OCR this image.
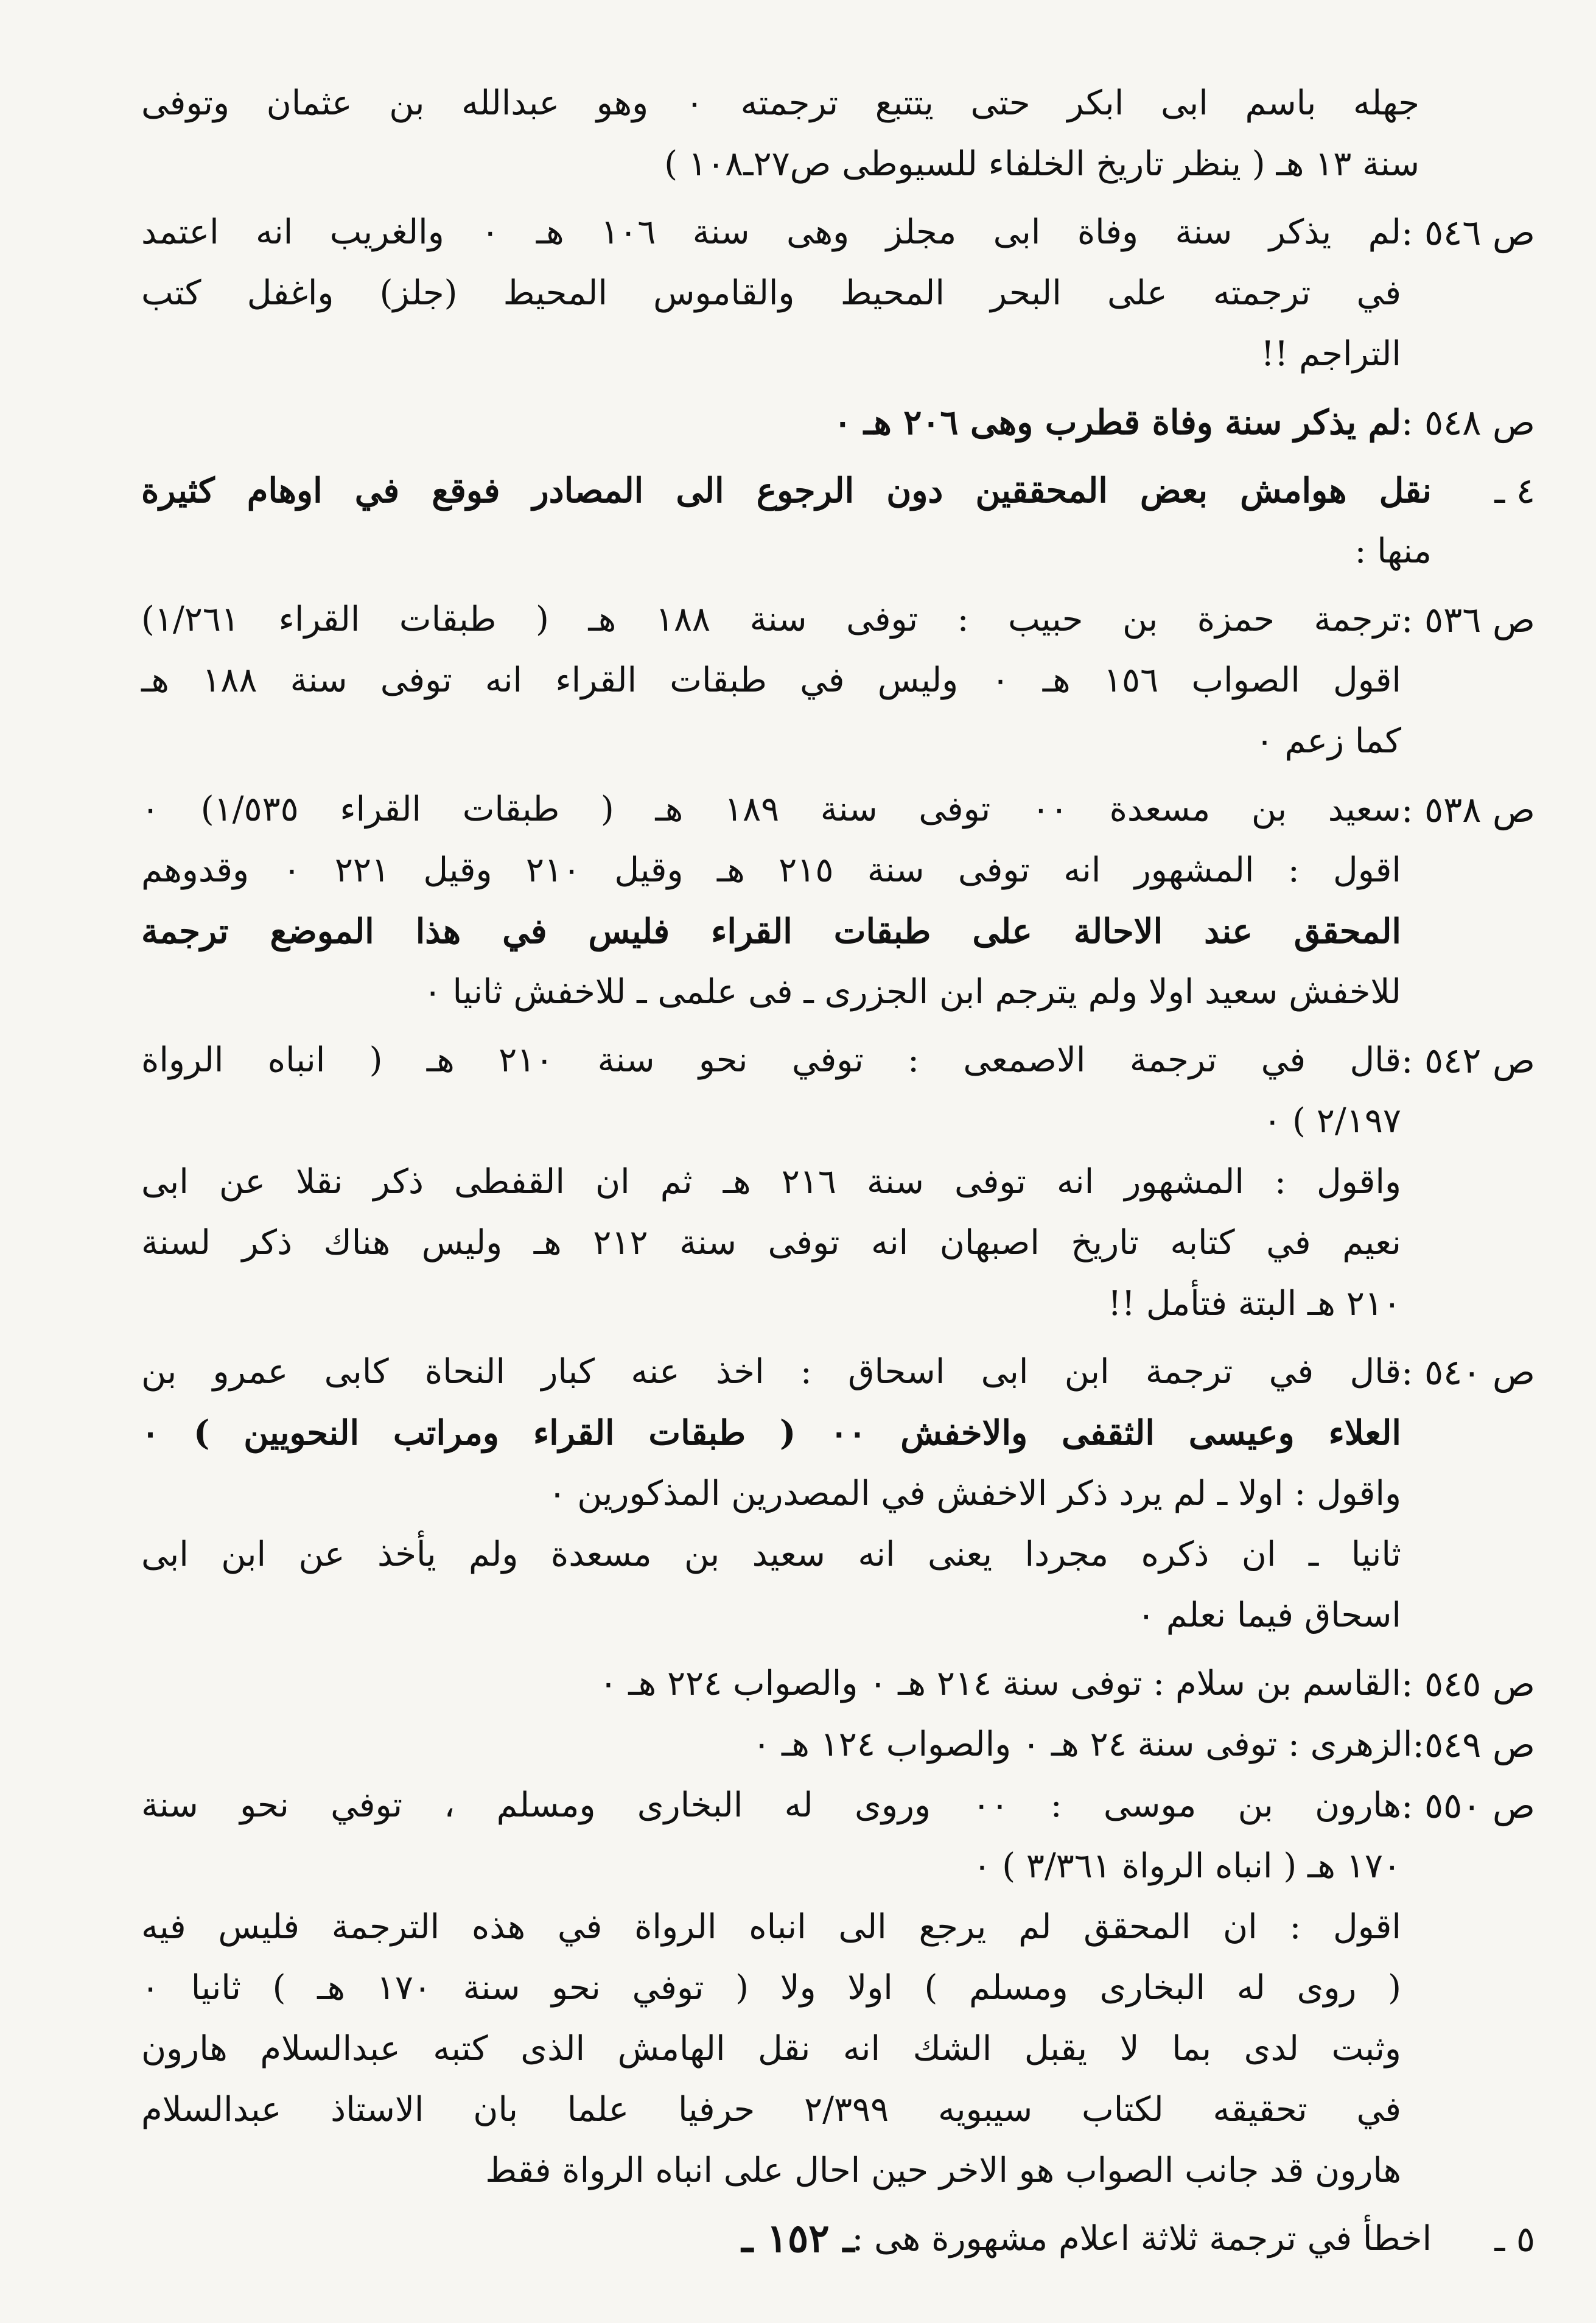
جهله باسم ابى ابكر حتى يتتبع ترجمته ٠ وهو عبدالله بن عثمان وتوفى
سنة ١٣ هـ ( ينظر تاريخ الخلفاء للسيوطى ص٢٧ـ١٠٨ )
ص ٥٤٦ :
لم يذكر سنة وفاة ابى مجلز وهى سنة ١٠٦ هـ ٠ والغريب انه اعتمد
في ترجمته على البحر المحيط والقاموس المحيط (جلز) واغفل كتب
التراجم !!
ص ٥٤٨ :
لم يذكر سنة وفاة قطرب وهى ٢٠٦ هـ ٠
٤ ـ
نقل هوامش بعض المحققين دون الرجوع الى المصادر فوقع في اوهام كثيرة
منها :
ص ٥٣٦ :
ترجمة حمزة بن حبيب : توفى سنة ١٨٨ هـ ( طبقات القراء ١/٢٦١)
اقول الصواب ١٥٦ هـ ٠ وليس في طبقات القراء انه توفى سنة ١٨٨ هـ
كما زعم ٠
ص ٥٣٨ :
سعيد بن مسعدة ٠٠ توفى سنة ١٨٩ هـ ( طبقات القراء ١/٥٣٥) ٠
اقول : المشهور انه توفى سنة ٢١٥ هـ وقيل ٢١٠ وقيل ٢٢١ ٠ وقدوهم
المحقق عند الاحالة على طبقات القراء فليس في هذا الموضع ترجمة
للاخفش سعيد اولا ولم يترجم ابن الجزرى ـ فى علمى ـ للاخفش ثانيا ٠
ص ٥٤٢ :
قال في ترجمة الاصمعى : توفي نحو سنة ٢١٠ هـ ( انباه الرواة
٢/١٩٧ ) ٠
واقول : المشهور انه توفى سنة ٢١٦ هـ ثم ان القفطى ذكر نقلا عن ابى
نعيم في كتابه تاريخ اصبهان انه توفى سنة ٢١٢ هـ وليس هناك ذكر لسنة
٢١٠ هـ البتة فتأمل !!
ص ٥٤٠ :
قال في ترجمة ابن ابى اسحاق : اخذ عنه كبار النحاة كابى عمرو بن
العلاء وعيسى الثقفى والاخفش ٠٠ ( طبقات القراء ومراتب النحويين ) ٠
واقول : اولا ـ لم يرد ذكر الاخفش في المصدرين المذكورين ٠
ثانيا ـ ان ذكره مجردا يعنى انه سعيد بن مسعدة ولم يأخذ عن ابن ابى
اسحاق فيما نعلم ٠
ص ٥٤٥ :
القاسم بن سلام : توفى سنة ٢١٤ هـ ٠ والصواب ٢٢٤ هـ ٠
ص ٥٤٩:
الزهرى : توفى سنة ٢٤ هـ ٠ والصواب ١٢٤ هـ ٠
ص ٥٥٠ :
هارون بن موسى : ٠٠ وروى له البخارى ومسلم ، توفي نحو سنة
١٧٠ هـ ( انباه الرواة ٣/٣٦١ ) ٠
اقول : ان المحقق لم يرجع الى انباه الرواة في هذه الترجمة فليس فيه
( روى له البخارى ومسلم ) اولا ولا ( توفي نحو سنة ١٧٠ هـ ) ثانيا ٠
وثبت لدى بما لا يقبل الشك انه نقل الهامش الذى كتبه عبدالسلام هارون
في تحقيقه لكتاب سيبويه ٢/٣٩٩ حرفيا علما بان الاستاذ عبدالسلام
هارون قد جانب الصواب هو الاخر حين احال على انباه الرواة فقط
٥ ـ
اخطأ في ترجمة ثلاثة اعلام مشهورة هى :
ـ ١٥٢ ـ
